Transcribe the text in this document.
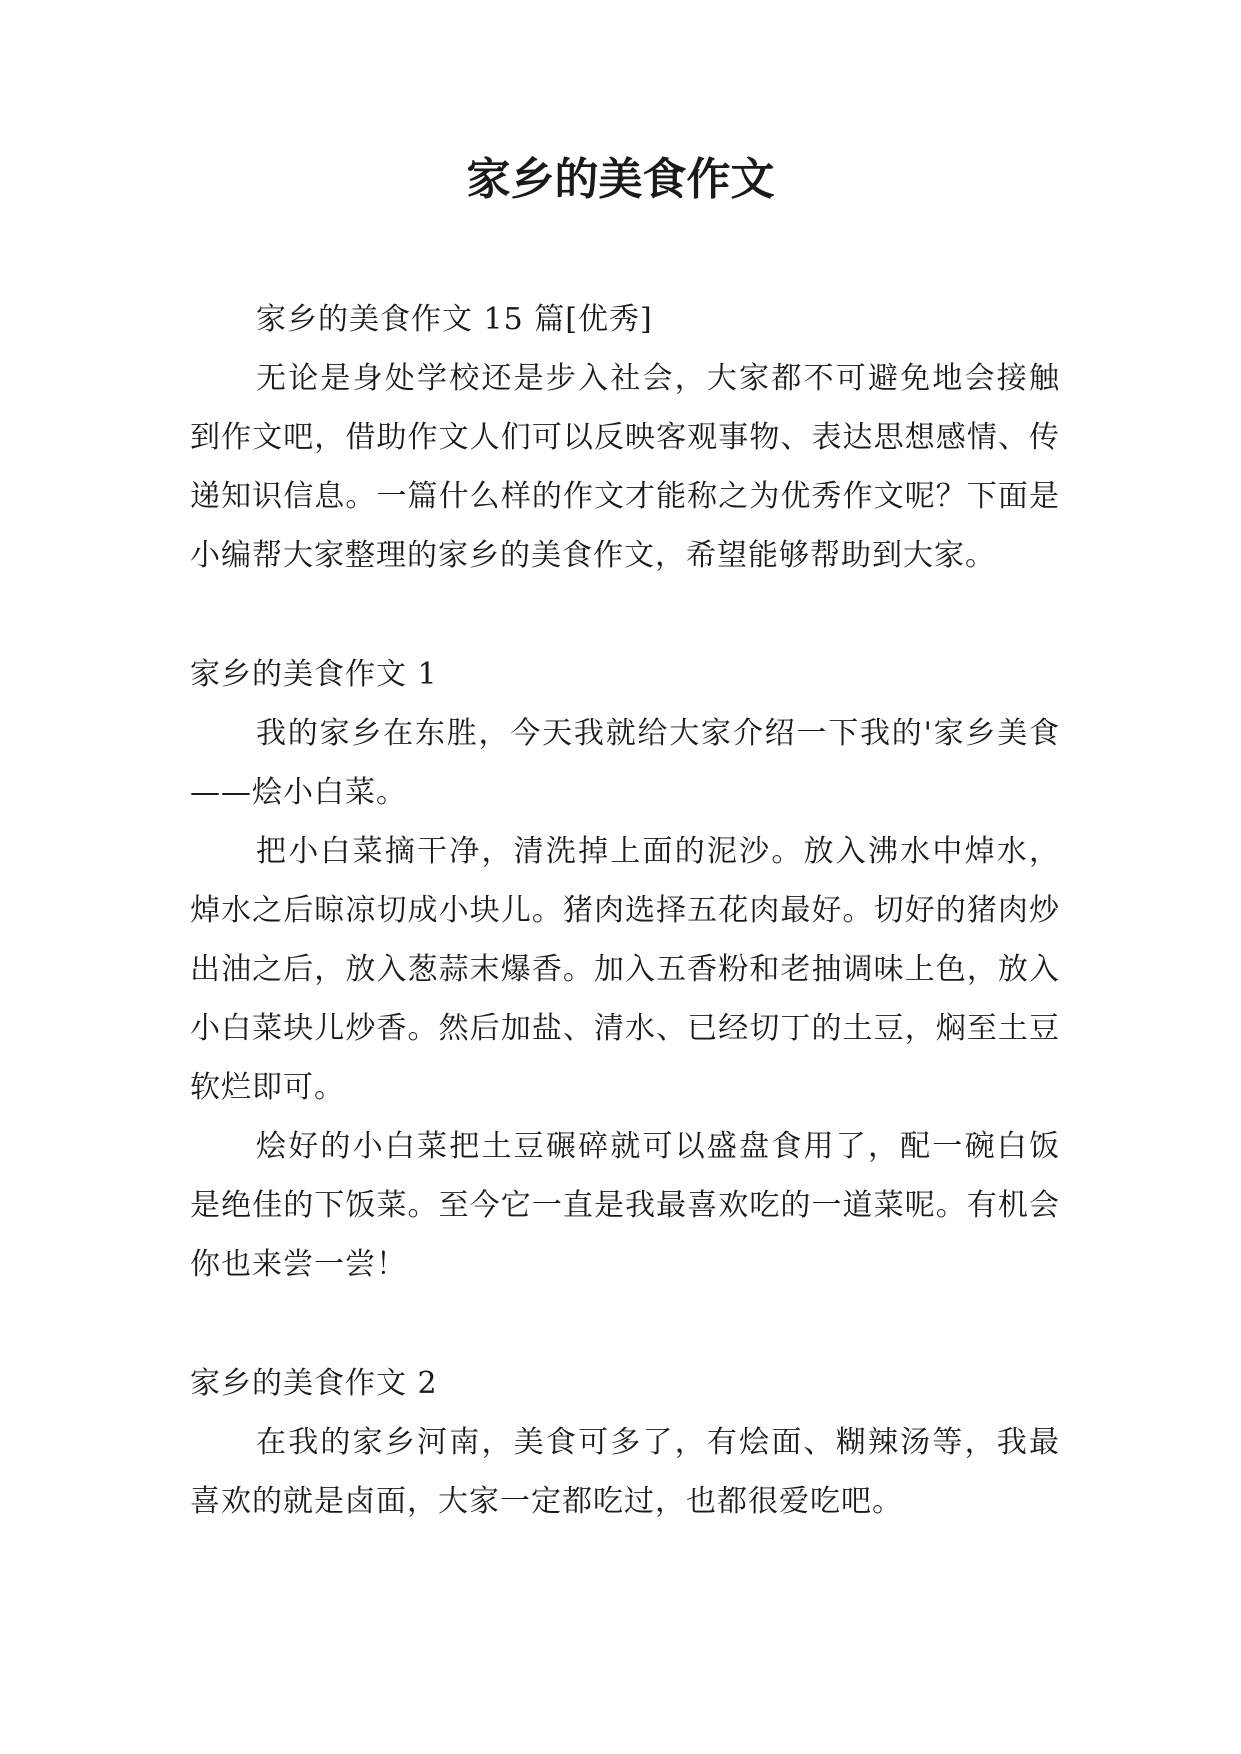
家乡的美食作文

家乡的美食作文 15 篇[优秀]

无论是身处学校还是步入社会，大家都不可避免地会接触到作文吧，借助作文人们可以反映客观事物、表达思想感情、传递知识信息。一篇什么样的作文才能称之为优秀作文呢？下面是小编帮大家整理的家乡的美食作文，希望能够帮助到大家。

家乡的美食作文 1

我的家乡在东胜，今天我就给大家介绍一下我的'家乡美食——烩小白菜。

把小白菜摘干净，清洗掉上面的泥沙。放入沸水中焯水，焯水之后晾凉切成小块儿。猪肉选择五花肉最好。切好的猪肉炒出油之后，放入葱蒜末爆香。加入五香粉和老抽调味上色，放入小白菜块儿炒香。然后加盐、清水、已经切丁的土豆，焖至土豆软烂即可。

烩好的小白菜把土豆碾碎就可以盛盘食用了，配一碗白饭是绝佳的下饭菜。至今它一直是我最喜欢吃的一道菜呢。有机会你也来尝一尝！

家乡的美食作文 2

在我的家乡河南，美食可多了，有烩面、糊辣汤等，我最喜欢的就是卤面，大家一定都吃过，也都很爱吃吧。
